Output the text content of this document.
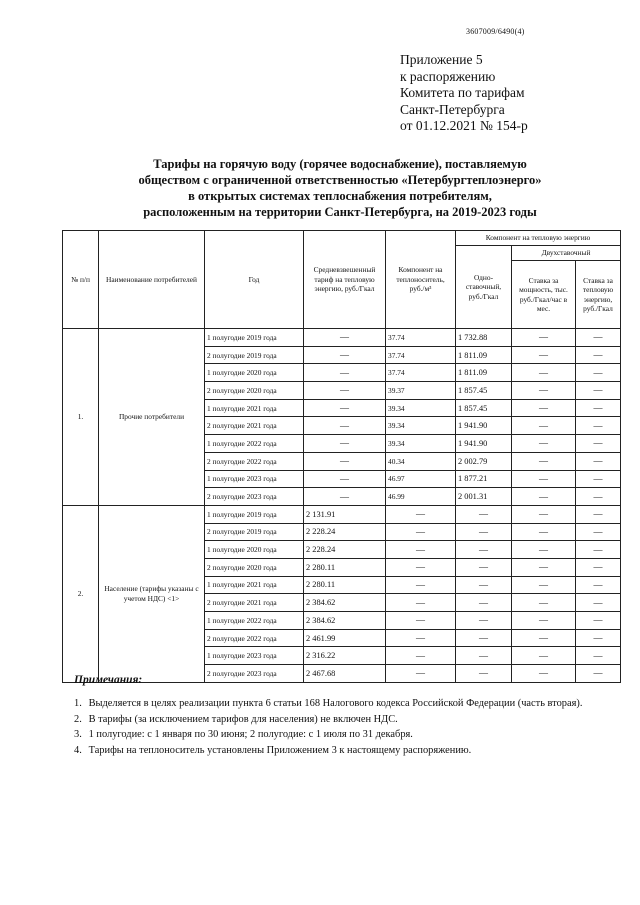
3607009/6490(4)
Приложение 5
к распоряжению
Комитета по тарифам
Санкт-Петербурга
от 01.12.2021 № 154-р
Тарифы на горячую воду (горячее водоснабжение), поставляемую
обществом с ограниченной ответственностью «Петербургтеплоэнерго»
в открытых системах теплоснабжения потребителям,
расположенным на территории Санкт-Петербурга, на 2019-2023 годы
№ п/п	Наименование потребителей	Год	Средневзвешенный тариф на тепловую энергию, руб./Гкал	Компонент на теплоноситель, руб./м³	Компонент на тепловую энергию		
					Одно-ставочный, руб./Гкал	Двухставочный	
						Ставка за мощность, тыс. руб./Гкал/час в мес.	Ставка за тепловую энергию, руб./Гкал
1.	Прочие потребители	1 полугодие 2019 года	—	37.74	1 732.88	—	—
		2 полугодие 2019 года	—	37.74	1 811.09	—	—
		1 полугодие 2020 года	—	37.74	1 811.09	—	—
		2 полугодие 2020 года	—	39.37	1 857.45	—	—
		1 полугодие 2021 года	—	39.34	1 857.45	—	—
		2 полугодие 2021 года	—	39.34	1 941.90	—	—
		1 полугодие 2022 года	—	39.34	1 941.90	—	—
		2 полугодие 2022 года	—	40.34	2 002.79	—	—
		1 полугодие 2023 года	—	46.97	1 877.21	—	—
		2 полугодие 2023 года	—	46.99	2 001.31	—	—
2.	Население (тарифы указаны с учетом НДС) <1>	1 полугодие 2019 года	2 131.91	—	—	—	—
		2 полугодие 2019 года	2 228.24	—	—	—	—
		1 полугодие 2020 года	2 228.24	—	—	—	—
		2 полугодие 2020 года	2 280.11	—	—	—	—
		1 полугодие 2021 года	2 280.11	—	—	—	—
		2 полугодие 2021 года	2 384.62	—	—	—	—
		1 полугодие 2022 года	2 384.62	—	—	—	—
		2 полугодие 2022 года	2 461.99	—	—	—	—
		1 полугодие 2023 года	2 316.22	—	—	—	—
		2 полугодие 2023 года	2 467.68	—	—	—	—
Примечания:
1. Выделяется в целях реализации пункта 6 статьи 168 Налогового кодекса Российской Федерации (часть вторая).
2. В тарифы (за исключением тарифов для населения) не включен НДС.
3. 1 полугодие: с 1 января по 30 июня; 2 полугодие: с 1 июля по 31 декабря.
4. Тарифы на теплоноситель установлены Приложением 3 к настоящему распоряжению.
